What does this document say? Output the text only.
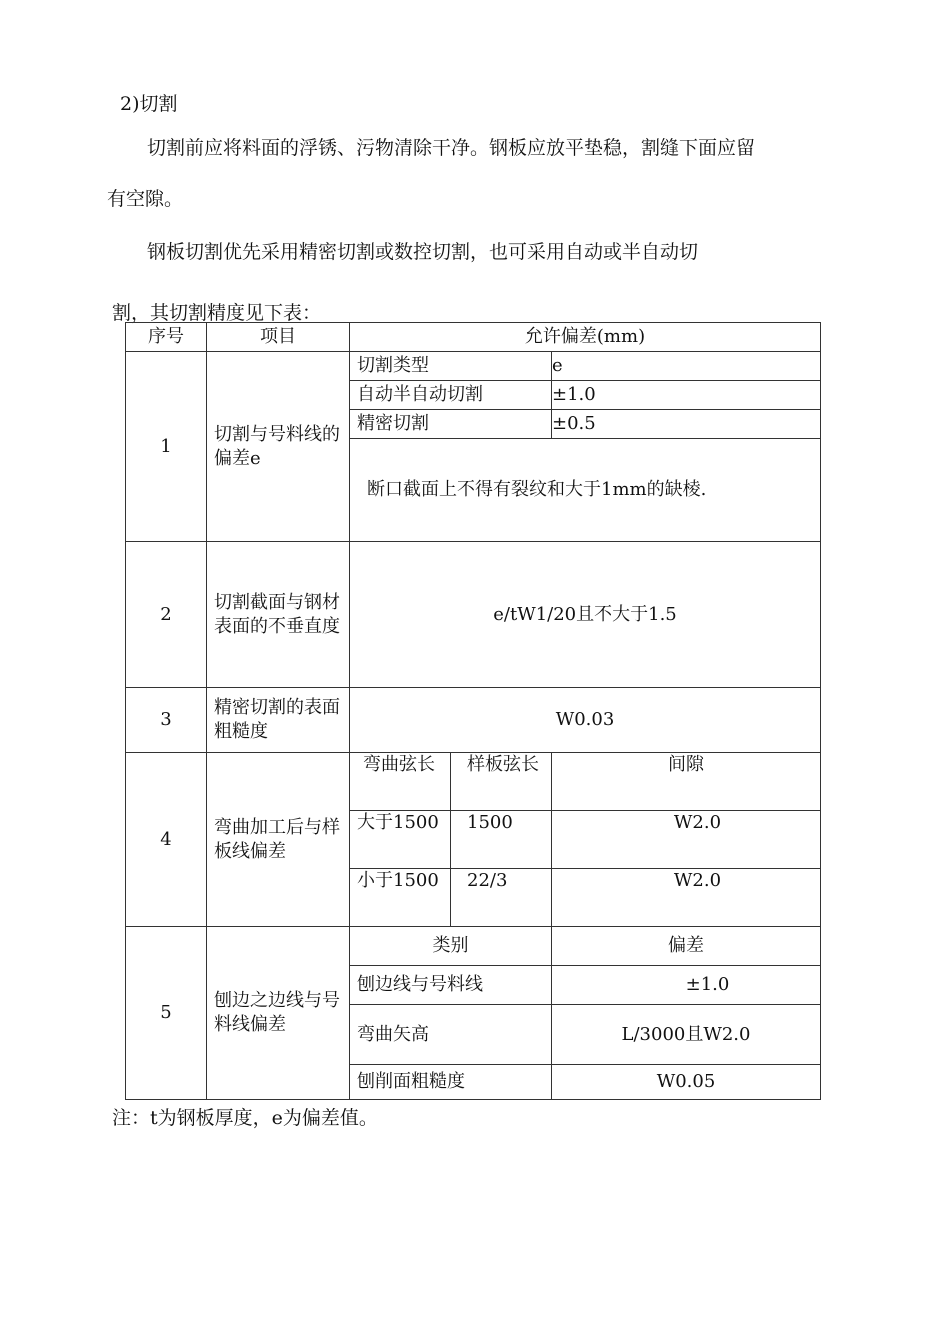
2)切割
切割前应将料面的浮锈、污物清除干净。钢板应放平垫稳，割缝下面应留
有空隙。
钢板切割优先采用精密切割或数控切割，也可采用自动或半自动切
割，其切割精度见下表：
序号	项目	允许偏差(mm)		
1	切割与号料线的偏差e	切割类型		e
		自动半自动切割		±1.0
		精密切割		±0.5
		断口截面上不得有裂纹和大于1mm的缺棱.		
2	切割截面与钢材表面的不垂直度	e/tW1/20且不大于1.5		
3	精密切割的表面粗糙度	W0.03		
4	弯曲加工后与样板线偏差	弯曲弦长	样板弦长	间隙
		大于1500	1500	W2.0
		小于1500	22/3	W2.0
5	刨边之边线与号料线偏差	类别		偏差
		刨边线与号料线		±1.0
		弯曲矢高		L/3000且W2.0
		刨削面粗糙度		W0.05
注：t为钢板厚度，e为偏差值。
